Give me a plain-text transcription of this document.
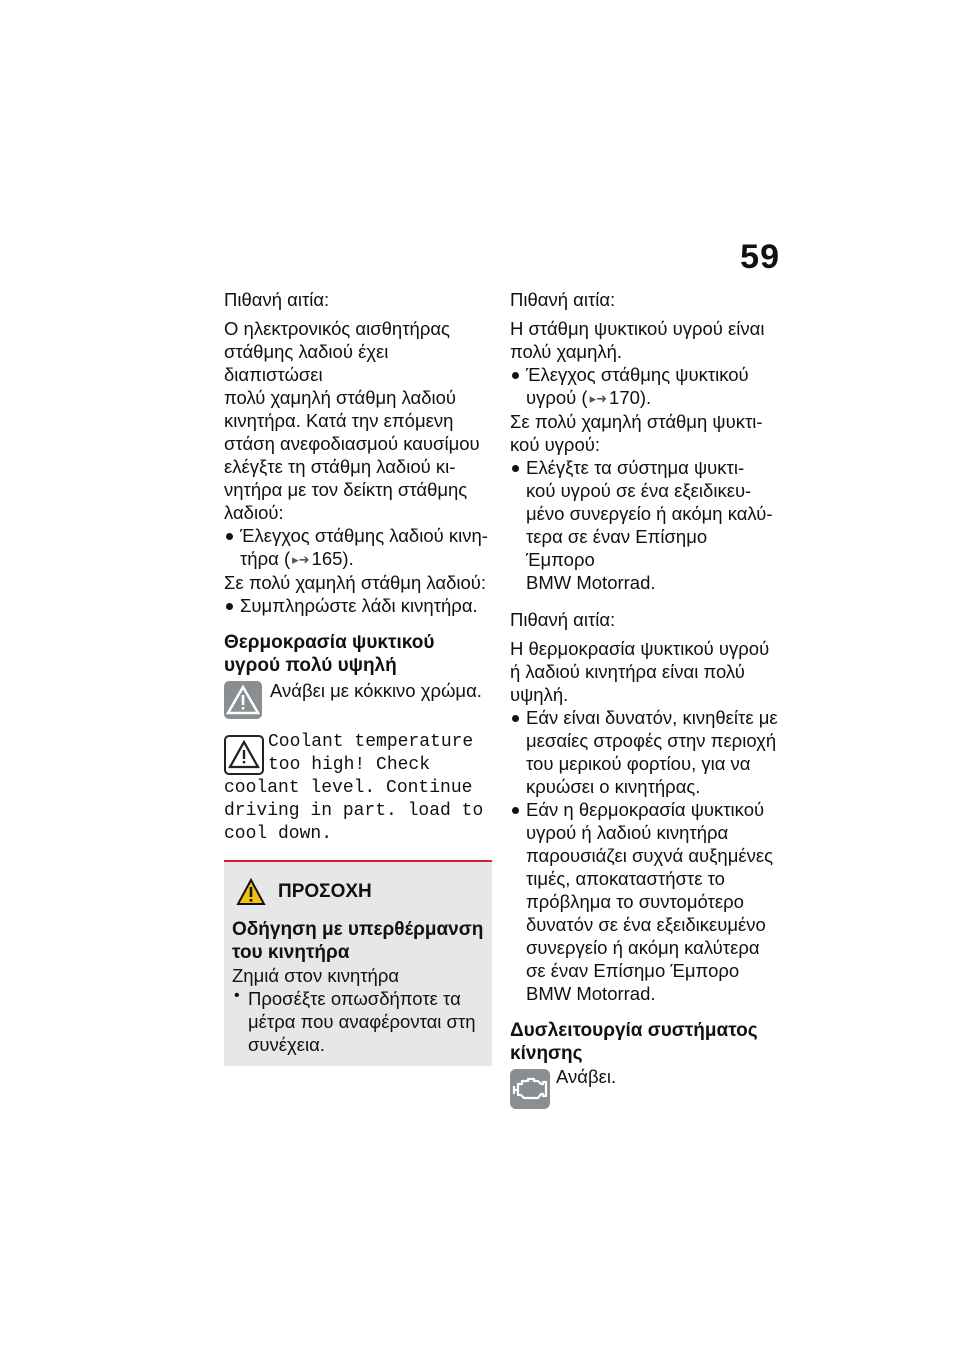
59

Πιθανή αιτία:

Ο ηλεκτρονικός αισθητήρας

στάθμης λαδιού έχει διαπιστώσει

πολύ χαμηλή στάθμη λαδιού

κινητήρα. Κατά την επόμενη

στάση ανεφοδιασμού καυσίμου

ελέγξτε τη στάθμη λαδιού κι-

νητήρα με τον δείκτη στάθμης

λαδιού:

Έλεγχος στάθμης λαδιού κινη-

τήρα ( ▸➜ 165).

Σε πολύ χαμηλή στάθμη λαδιού:

Συμπληρώστε λάδι κινητήρα.

Θερμοκρασία ψυκτικού

υγρού πολύ υψηλή

Ανάβει με κόκκινο χρώμα.

Coolant temperature

too high! Check

coolant level. Continue

driving in part. load to

cool down.

ΠΡΟΣΟΧΗ

Οδήγηση με υπερθέρμανση

του κινητήρα

Ζημιά στον κινητήρα

• Προσέξτε οπωσδήποτε τα

μέτρα που αναφέρονται στη

συνέχεια.

Πιθανή αιτία:

Η στάθμη ψυκτικού υγρού είναι

πολύ χαμηλή.

Έλεγχος στάθμης ψυκτικού

υγρού ( ▸➜ 170).

Σε πολύ χαμηλή στάθμη ψυκτι-

κού υγρού:

Ελέγξτε τα σύστημα ψυκτι-

κού υγρού σε ένα εξειδικευ-

μένο συνεργείο ή ακόμη καλύ-

τερα σε έναν Επίσημο Έμπορο

BMW Motorrad.

Πιθανή αιτία:

Η θερμοκρασία ψυκτικού υγρού

ή λαδιού κινητήρα είναι πολύ

υψηλή.

Εάν είναι δυνατόν, κινηθείτε με

μεσαίες στροφές στην περιοχή

του μερικού φορτίου, για να

κρυώσει ο κινητήρας.

Εάν η θερμοκρασία ψυκτικού

υγρού ή λαδιού κινητήρα

παρουσιάζει συχνά αυξημένες

τιμές, αποκαταστήστε το

πρόβλημα το συντομότερο

δυνατόν σε ένα εξειδικευμένο

συνεργείο ή ακόμη καλύτερα

σε έναν Επίσημο Έμπορο

BMW Motorrad.

Δυσλειτουργία συστήματος

κίνησης

Ανάβει.
